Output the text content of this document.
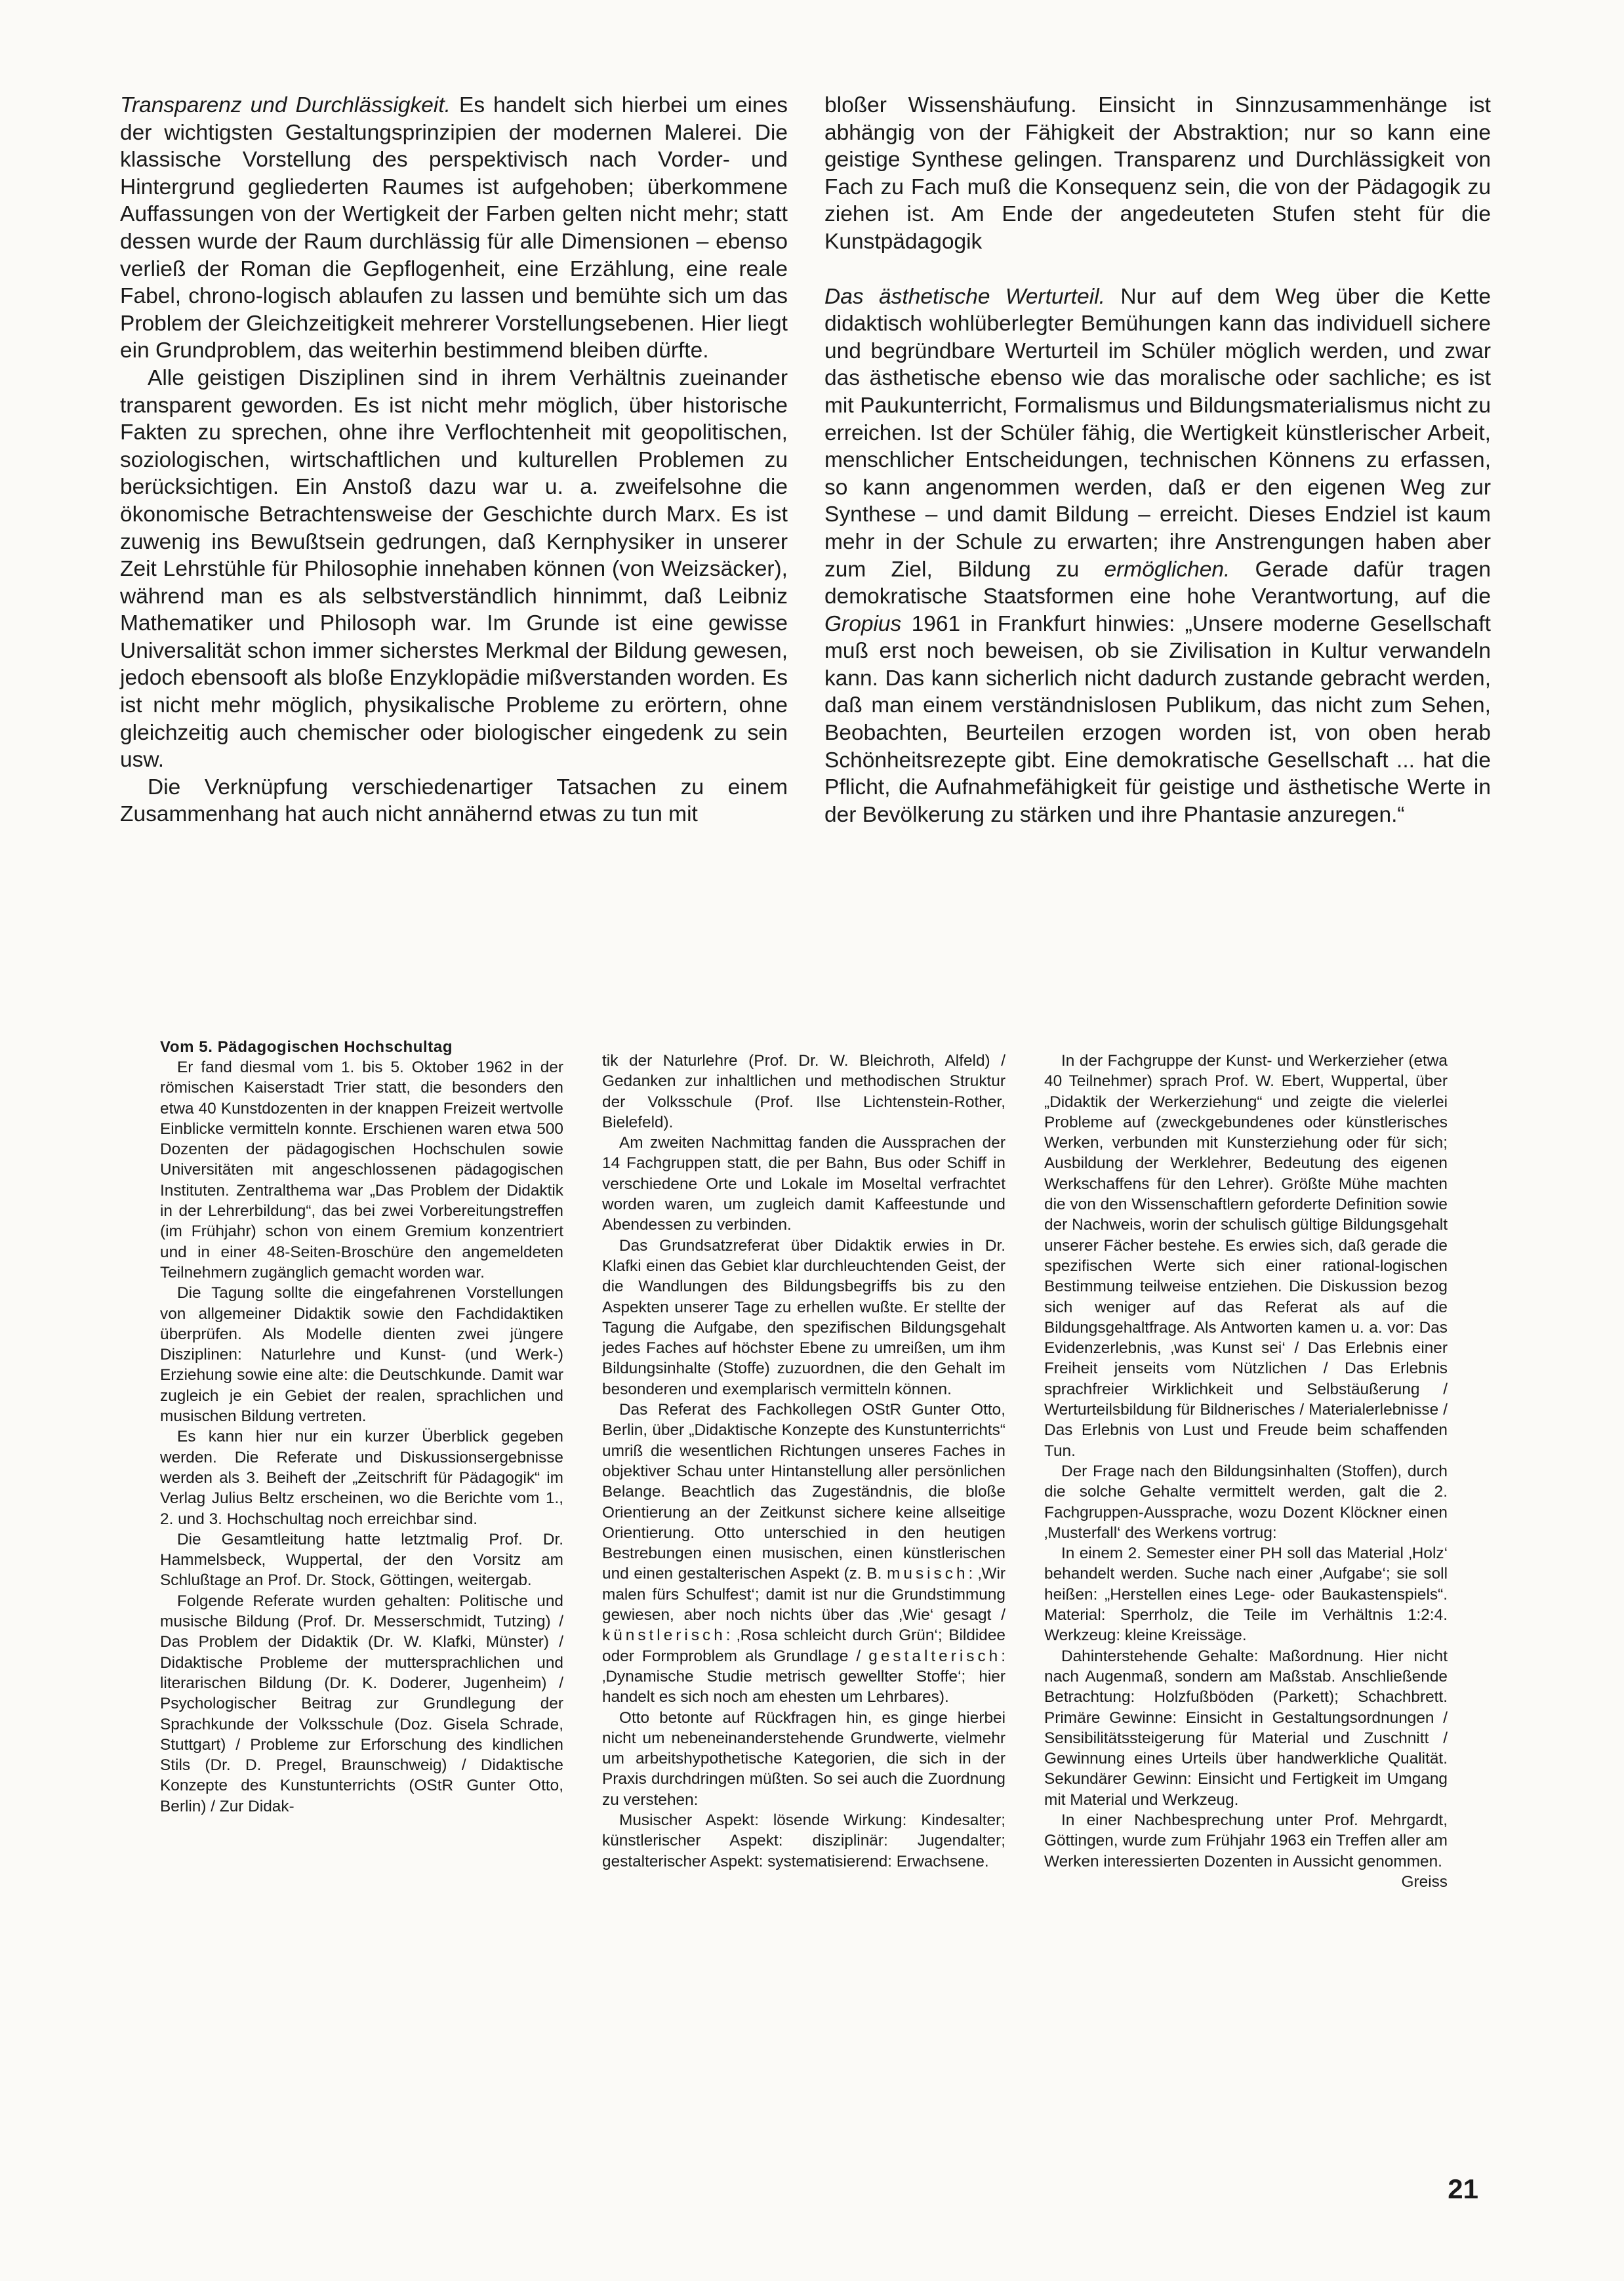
Transparenz und Durchlässigkeit. Es handelt sich hierbei um eines der wichtigsten Gestaltungsprinzipien der modernen Malerei. Die klassische Vorstellung des perspektivisch nach Vorder- und Hintergrund gegliederten Raumes ist aufgehoben; überkommene Auffassungen von der Wertigkeit der Farben gelten nicht mehr; statt dessen wurde der Raum durchlässig für alle Dimensionen – ebenso verließ der Roman die Gepflogenheit, eine Erzählung, eine reale Fabel, chrono-logisch ablaufen zu lassen und bemühte sich um das Problem der Gleichzeitigkeit mehrerer Vorstellungsebenen. Hier liegt ein Grundproblem, das weiterhin bestimmend bleiben dürfte.

Alle geistigen Disziplinen sind in ihrem Verhältnis zueinander transparent geworden. Es ist nicht mehr möglich, über historische Fakten zu sprechen, ohne ihre Verflochtenheit mit geopolitischen, soziologischen, wirtschaftlichen und kulturellen Problemen zu berücksichtigen. Ein Anstoß dazu war u. a. zweifelsohne die ökonomische Betrachtensweise der Geschichte durch Marx. Es ist zuwenig ins Bewußtsein gedrungen, daß Kernphysiker in unserer Zeit Lehrstühle für Philosophie innehaben können (von Weizsäcker), während man es als selbstverständlich hinnimmt, daß Leibniz Mathematiker und Philosoph war. Im Grunde ist eine gewisse Universalität schon immer sicherstes Merkmal der Bildung gewesen, jedoch ebensooft als bloße Enzyklopädie mißverstanden worden. Es ist nicht mehr möglich, physikalische Probleme zu erörtern, ohne gleichzeitig auch chemischer oder biologischer eingedenk zu sein usw.

Die Verknüpfung verschiedenartiger Tatsachen zu einem Zusammenhang hat auch nicht annähernd etwas zu tun mit

bloßer Wissenshäufung. Einsicht in Sinnzusammenhänge ist abhängig von der Fähigkeit der Abstraktion; nur so kann eine geistige Synthese gelingen. Transparenz und Durchlässigkeit von Fach zu Fach muß die Konsequenz sein, die von der Pädagogik zu ziehen ist. Am Ende der angedeuteten Stufen steht für die Kunstpädagogik

Das ästhetische Werturteil. Nur auf dem Weg über die Kette didaktisch wohlüberlegter Bemühungen kann das individuell sichere und begründbare Werturteil im Schüler möglich werden, und zwar das ästhetische ebenso wie das moralische oder sachliche; es ist mit Paukunterricht, Formalismus und Bildungsmaterialismus nicht zu erreichen. Ist der Schüler fähig, die Wertigkeit künstlerischer Arbeit, menschlicher Entscheidungen, technischen Könnens zu erfassen, so kann angenommen werden, daß er den eigenen Weg zur Synthese – und damit Bildung – erreicht. Dieses Endziel ist kaum mehr in der Schule zu erwarten; ihre Anstrengungen haben aber zum Ziel, Bildung zu ermöglichen. Gerade dafür tragen demokratische Staatsformen eine hohe Verantwortung, auf die Gropius 1961 in Frankfurt hinwies: „Unsere moderne Gesellschaft muß erst noch beweisen, ob sie Zivilisation in Kultur verwandeln kann. Das kann sicherlich nicht dadurch zustande gebracht werden, daß man einem verständnislosen Publikum, das nicht zum Sehen, Beobachten, Beurteilen erzogen worden ist, von oben herab Schönheitsrezepte gibt. Eine demokratische Gesellschaft ... hat die Pflicht, die Aufnahmefähigkeit für geistige und ästhetische Werte in der Bevölkerung zu stärken und ihre Phantasie anzuregen.“

Vom 5. Pädagogischen Hochschultag

Er fand diesmal vom 1. bis 5. Oktober 1962 in der römischen Kaiserstadt Trier statt, die besonders den etwa 40 Kunstdozenten in der knappen Freizeit wertvolle Einblicke vermitteln konnte. Erschienen waren etwa 500 Dozenten der pädagogischen Hochschulen sowie Universitäten mit angeschlossenen pädagogischen Instituten. Zentralthema war „Das Problem der Didaktik in der Lehrerbildung“, das bei zwei Vorbereitungstreffen (im Frühjahr) schon von einem Gremium konzentriert und in einer 48-Seiten-Broschüre den angemeldeten Teilnehmern zugänglich gemacht worden war.

Die Tagung sollte die eingefahrenen Vorstellungen von allgemeiner Didaktik sowie den Fachdidaktiken überprüfen. Als Modelle dienten zwei jüngere Disziplinen: Naturlehre und Kunst- (und Werk-) Erziehung sowie eine alte: die Deutschkunde. Damit war zugleich je ein Gebiet der realen, sprachlichen und musischen Bildung vertreten.

Es kann hier nur ein kurzer Überblick gegeben werden. Die Referate und Diskussionsergebnisse werden als 3. Beiheft der „Zeitschrift für Pädagogik“ im Verlag Julius Beltz erscheinen, wo die Berichte vom 1., 2. und 3. Hochschultag noch erreichbar sind.

Die Gesamtleitung hatte letztmalig Prof. Dr. Hammelsbeck, Wuppertal, der den Vorsitz am Schlußtage an Prof. Dr. Stock, Göttingen, weitergab.

Folgende Referate wurden gehalten: Politische und musische Bildung (Prof. Dr. Messerschmidt, Tutzing) / Das Problem der Didaktik (Dr. W. Klafki, Münster) / Didaktische Probleme der muttersprachlichen und literarischen Bildung (Dr. K. Doderer, Jugenheim) / Psychologischer Beitrag zur Grundlegung der Sprachkunde der Volksschule (Doz. Gisela Schrade, Stuttgart) / Probleme zur Erforschung des kindlichen Stils (Dr. D. Pregel, Braunschweig) / Didaktische Konzepte des Kunstunterrichts (OStR Gunter Otto, Berlin) / Zur Didak-

tik der Naturlehre (Prof. Dr. W. Bleichroth, Alfeld) / Gedanken zur inhaltlichen und methodischen Struktur der Volksschule (Prof. Ilse Lichtenstein-Rother, Bielefeld).

Am zweiten Nachmittag fanden die Aussprachen der 14 Fachgruppen statt, die per Bahn, Bus oder Schiff in verschiedene Orte und Lokale im Moseltal verfrachtet worden waren, um zugleich damit Kaffeestunde und Abendessen zu verbinden.

Das Grundsatzreferat über Didaktik erwies in Dr. Klafki einen das Gebiet klar durchleuchtenden Geist, der die Wandlungen des Bildungsbegriffs bis zu den Aspekten unserer Tage zu erhellen wußte. Er stellte der Tagung die Aufgabe, den spezifischen Bildungsgehalt jedes Faches auf höchster Ebene zu umreißen, um ihm Bildungsinhalte (Stoffe) zuzuordnen, die den Gehalt im besonderen und exemplarisch vermitteln können.

Das Referat des Fachkollegen OStR Gunter Otto, Berlin, über „Didaktische Konzepte des Kunstunterrichts“ umriß die wesentlichen Richtungen unseres Faches in objektiver Schau unter Hintanstellung aller persönlichen Belange. Beachtlich das Zugeständnis, die bloße Orientierung an der Zeitkunst sichere keine allseitige Orientierung. Otto unterschied in den heutigen Bestrebungen einen musischen, einen künstlerischen und einen gestalterischen Aspekt (z. B. musisch: ‚Wir malen fürs Schulfest‘; damit ist nur die Grundstimmung gewiesen, aber noch nichts über das ‚Wie‘ gesagt / künstlerisch: ‚Rosa schleicht durch Grün‘; Bildidee oder Formproblem als Grundlage / gestalterisch: ‚Dynamische Studie metrisch gewellter Stoffe‘; hier handelt es sich noch am ehesten um Lehrbares).

Otto betonte auf Rückfragen hin, es ginge hierbei nicht um nebeneinanderstehende Grundwerte, vielmehr um arbeitshypothetische Kategorien, die sich in der Praxis durchdringen müßten. So sei auch die Zuordnung zu verstehen:

Musischer Aspekt: lösende Wirkung: Kindesalter; künstlerischer Aspekt: disziplinär: Jugendalter; gestalterischer Aspekt: systematisierend: Erwachsene.

In der Fachgruppe der Kunst- und Werkerzieher (etwa 40 Teilnehmer) sprach Prof. W. Ebert, Wuppertal, über „Didaktik der Werkerziehung“ und zeigte die vielerlei Probleme auf (zweckgebundenes oder künstlerisches Werken, verbunden mit Kunsterziehung oder für sich; Ausbildung der Werklehrer, Bedeutung des eigenen Werkschaffens für den Lehrer). Größte Mühe machten die von den Wissenschaftlern geforderte Definition sowie der Nachweis, worin der schulisch gültige Bildungsgehalt unserer Fächer bestehe. Es erwies sich, daß gerade die spezifischen Werte sich einer rational-logischen Bestimmung teilweise entziehen. Die Diskussion bezog sich weniger auf das Referat als auf die Bildungsgehaltfrage. Als Antworten kamen u. a. vor: Das Evidenzerlebnis, ‚was Kunst sei‘ / Das Erlebnis einer Freiheit jenseits vom Nützlichen / Das Erlebnis sprachfreier Wirklichkeit und Selbstäußerung / Werturteilsbildung für Bildnerisches / Materialerlebnisse / Das Erlebnis von Lust und Freude beim schaffenden Tun.

Der Frage nach den Bildungsinhalten (Stoffen), durch die solche Gehalte vermittelt werden, galt die 2. Fachgruppen-Aussprache, wozu Dozent Klöckner einen ‚Musterfall‘ des Werkens vortrug:

In einem 2. Semester einer PH soll das Material ‚Holz‘ behandelt werden. Suche nach einer ‚Aufgabe‘; sie soll heißen: „Herstellen eines Lege- oder Baukastenspiels“. Material: Sperrholz, die Teile im Verhältnis 1:2:4. Werkzeug: kleine Kreissäge.

Dahinterstehende Gehalte: Maßordnung. Hier nicht nach Augenmaß, sondern am Maßstab. Anschließende Betrachtung: Holzfußböden (Parkett); Schachbrett. Primäre Gewinne: Einsicht in Gestaltungsordnungen / Sensibilitätssteigerung für Material und Zuschnitt / Gewinnung eines Urteils über handwerkliche Qualität. Sekundärer Gewinn: Einsicht und Fertigkeit im Umgang mit Material und Werkzeug.

In einer Nachbesprechung unter Prof. Mehrgardt, Göttingen, wurde zum Frühjahr 1963 ein Treffen aller am Werken interessierten Dozenten in Aussicht genommen.

Greiss

21
